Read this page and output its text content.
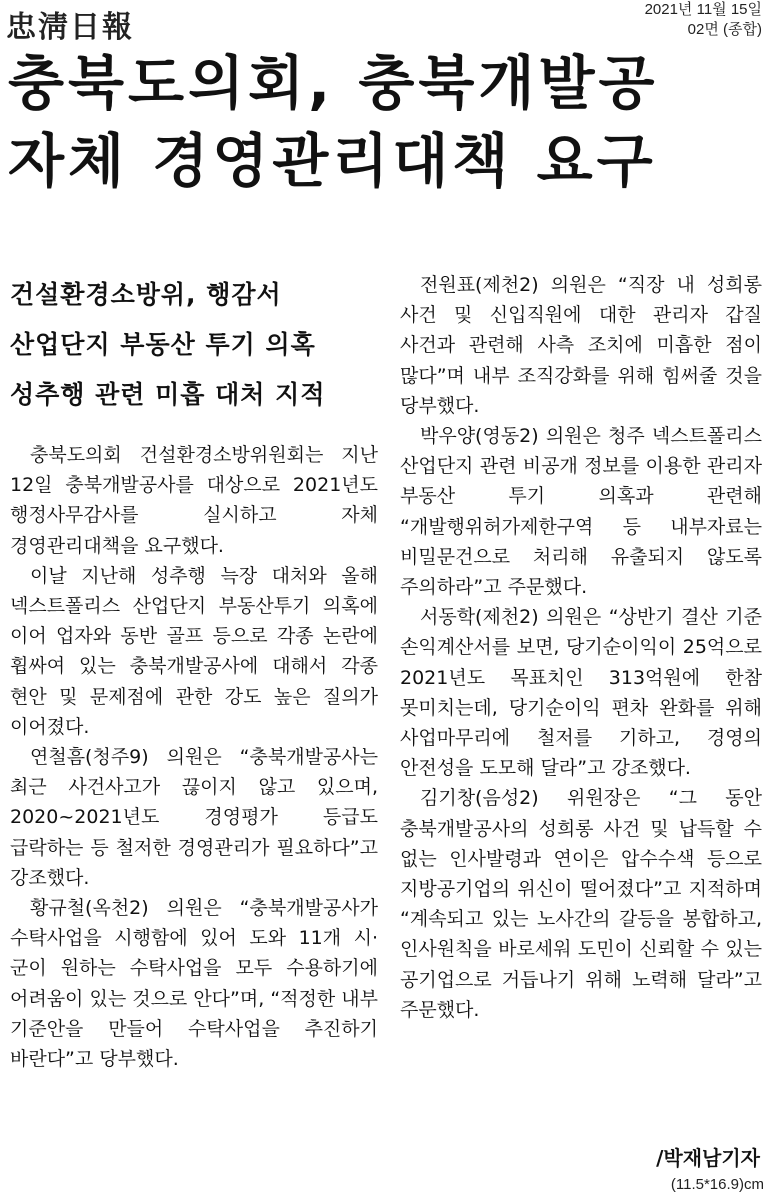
忠淸日報
2021년 11월 15일
02면 (종합)
충북도의회, 충북개발공
자체 경영관리대책 요구
건설환경소방위, 행감서
산업단지 부동산 투기 의혹
성추행 관련 미흡 대처 지적

충북도의회 건설환경소방위원회는 지난 12일 충북개발공사를 대상으로 2021년도 행정사무감사를 실시하고 자체 경영관리대책을 요구했다.

이날 지난해 성추행 늑장 대처와 올해 넥스트폴리스 산업단지 부동산투기 의혹에 이어 업자와 동반 골프 등으로 각종 논란에 휩싸여 있는 충북개발공사에 대해서 각종 현안 및 문제점에 관한 강도 높은 질의가 이어졌다.

연철흠(청주9) 의원은 “충북개발공사는 최근 사건사고가 끊이지 않고 있으며, 2020~2021년도 경영평가 등급도 급락하는 등 철저한 경영관리가 필요하다”고 강조했다.

황규철(옥천2) 의원은 “충북개발공사가 수탁사업을 시행함에 있어 도와 11개 시·군이 원하는 수탁사업을 모두 수용하기에 어려움이 있는 것으로 안다”며, “적정한 내부 기준안을 만들어 수탁사업을 추진하기 바란다”고 당부했다.

전원표(제천2) 의원은 “직장 내 성희롱 사건 및 신입직원에 대한 관리자 갑질 사건과 관련해 사측 조치에 미흡한 점이 많다”며 내부 조직강화를 위해 힘써줄 것을 당부했다.

박우양(영동2) 의원은 청주 넥스트폴리스 산업단지 관련 비공개 정보를 이용한 관리자 부동산 투기 의혹과 관련해 “개발행위허가제한구역 등 내부자료는 비밀문건으로 처리해 유출되지 않도록 주의하라”고 주문했다.

서동학(제천2) 의원은 “상반기 결산 기준 손익계산서를 보면, 당기순이익이 25억으로 2021년도 목표치인 313억원에 한참 못미치는데, 당기순이익 편차 완화를 위해 사업마무리에 철저를 기하고, 경영의 안전성을 도모해 달라”고 강조했다.

김기창(음성2) 위원장은 “그 동안 충북개발공사의 성희롱 사건 및 납득할 수 없는 인사발령과 연이은 압수수색 등으로 지방공기업의 위신이 떨어졌다”고 지적하며 “계속되고 있는 노사간의 갈등을 봉합하고, 인사원칙을 바로세워 도민이 신뢰할 수 있는 공기업으로 거듭나기 위해 노력해 달라”고 주문했다.

/박재남기자
(11.5*16.9)cm
